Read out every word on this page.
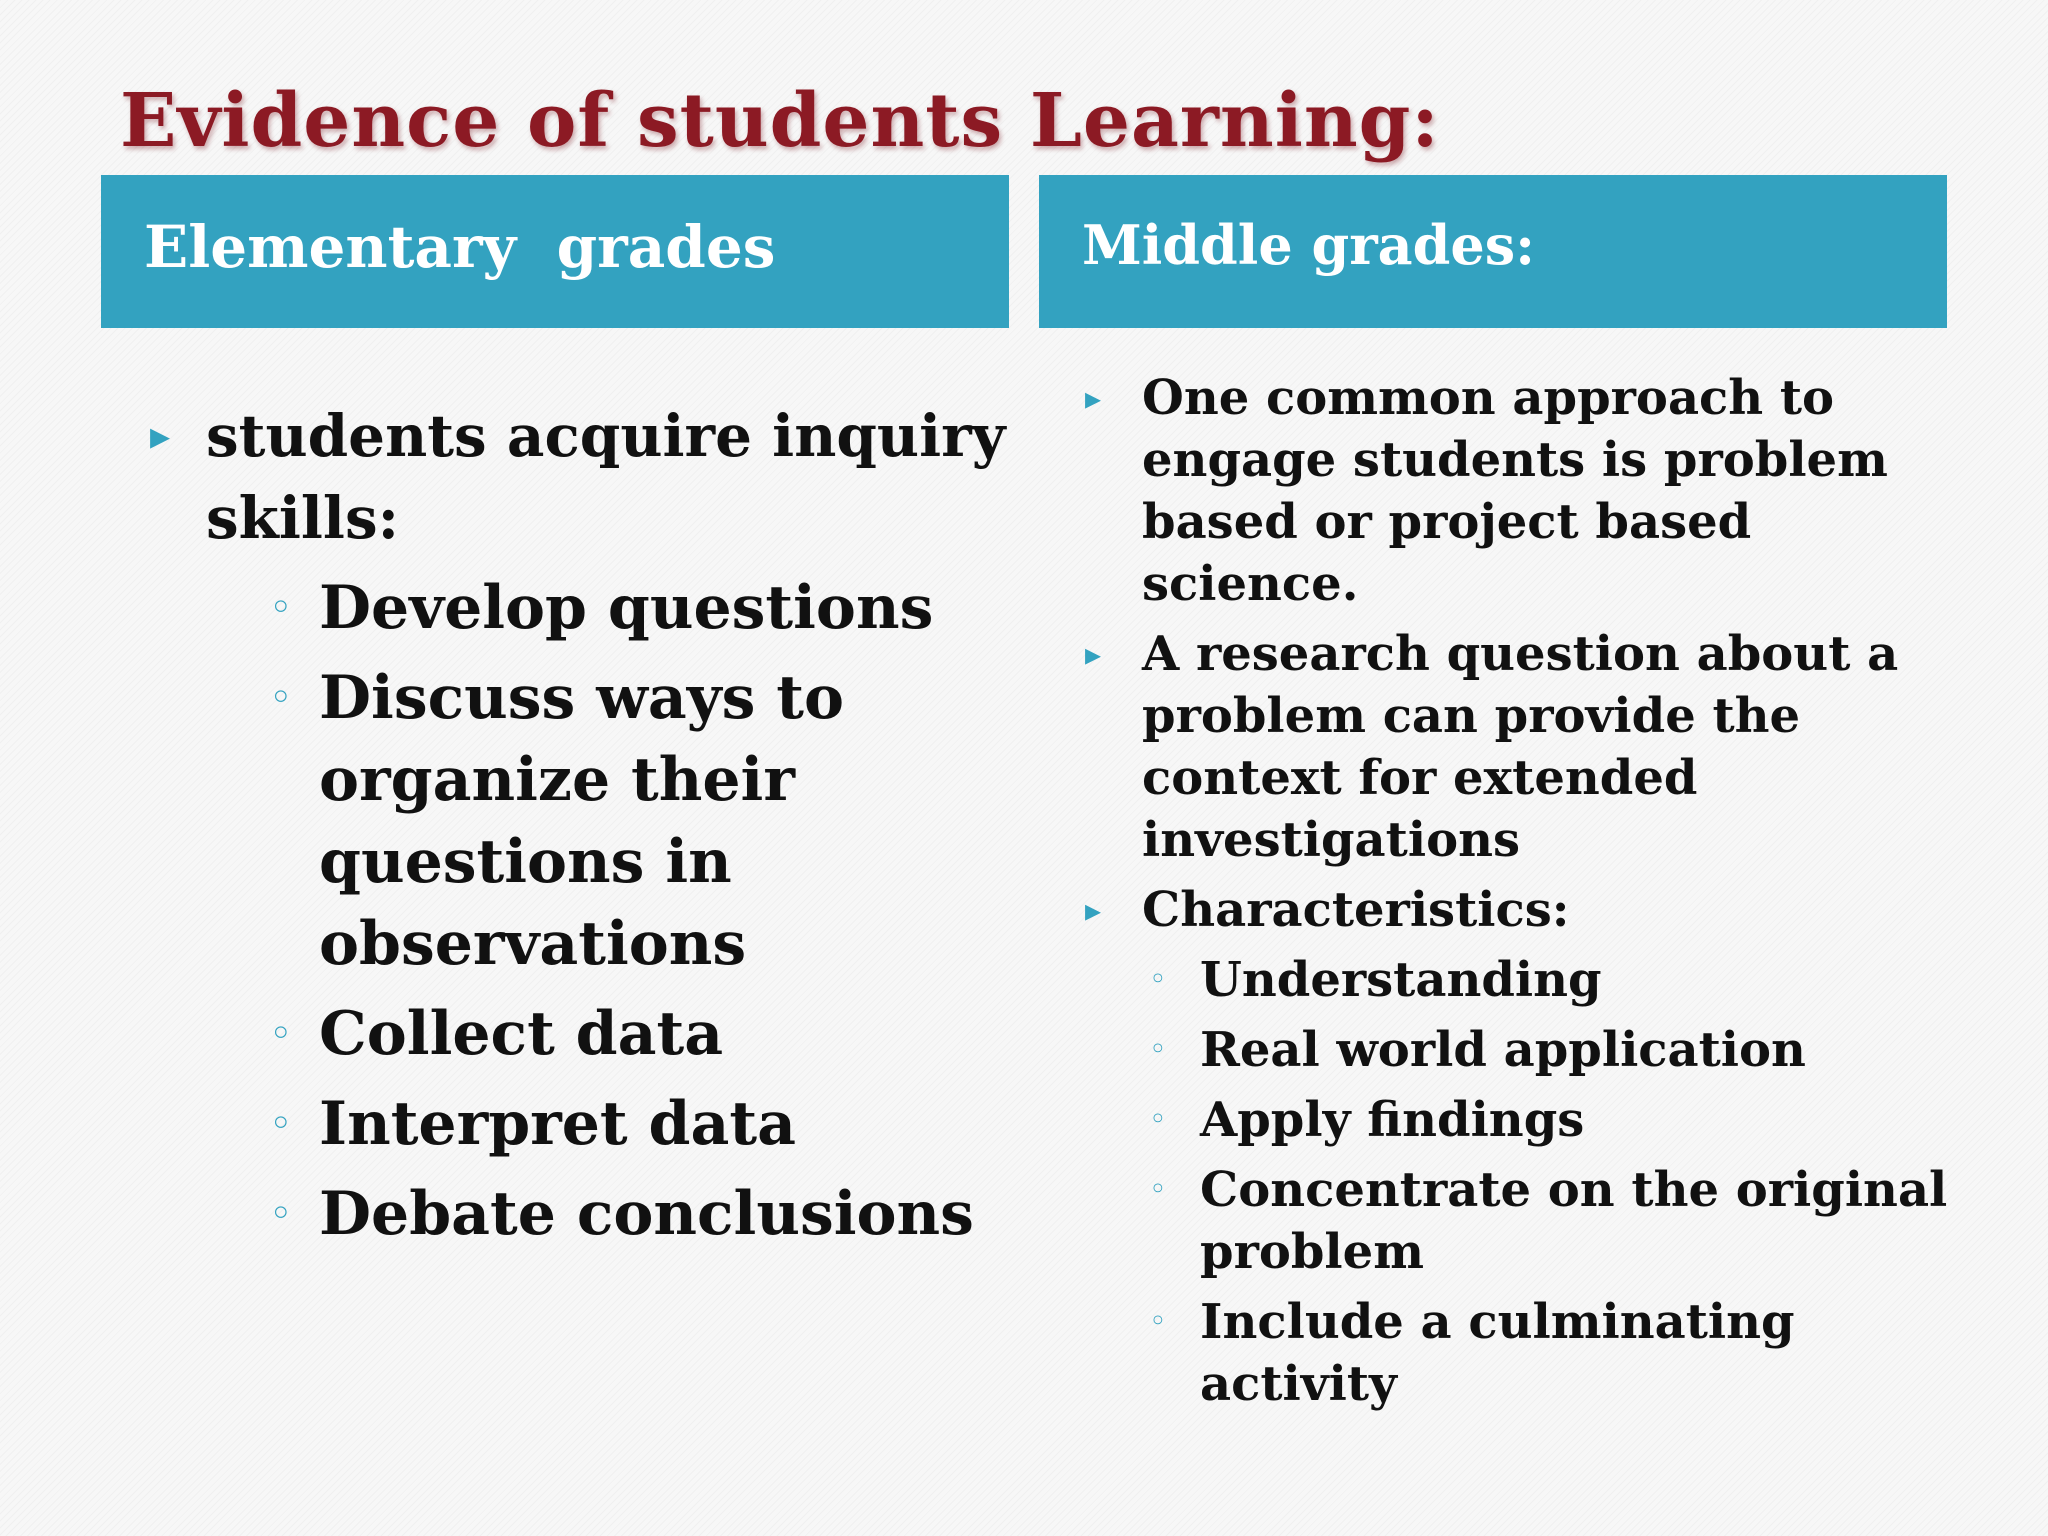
Evidence of students Learning:
Elementary  grades	Middle grades:
▸ students acquire inquiry skills:
◦ Develop questions
◦ Discuss ways to organize their questions in observations
◦ Collect data
◦ Interpret data
◦ Debate conclusions
▸ One common approach to engage students is problem based or project based science.
▸ A research question about a problem can provide the context for extended investigations
▸ Characteristics:
◦ Understanding
◦ Real world application
◦ Apply findings
◦ Concentrate on the original problem
◦ Include a culminating activity
